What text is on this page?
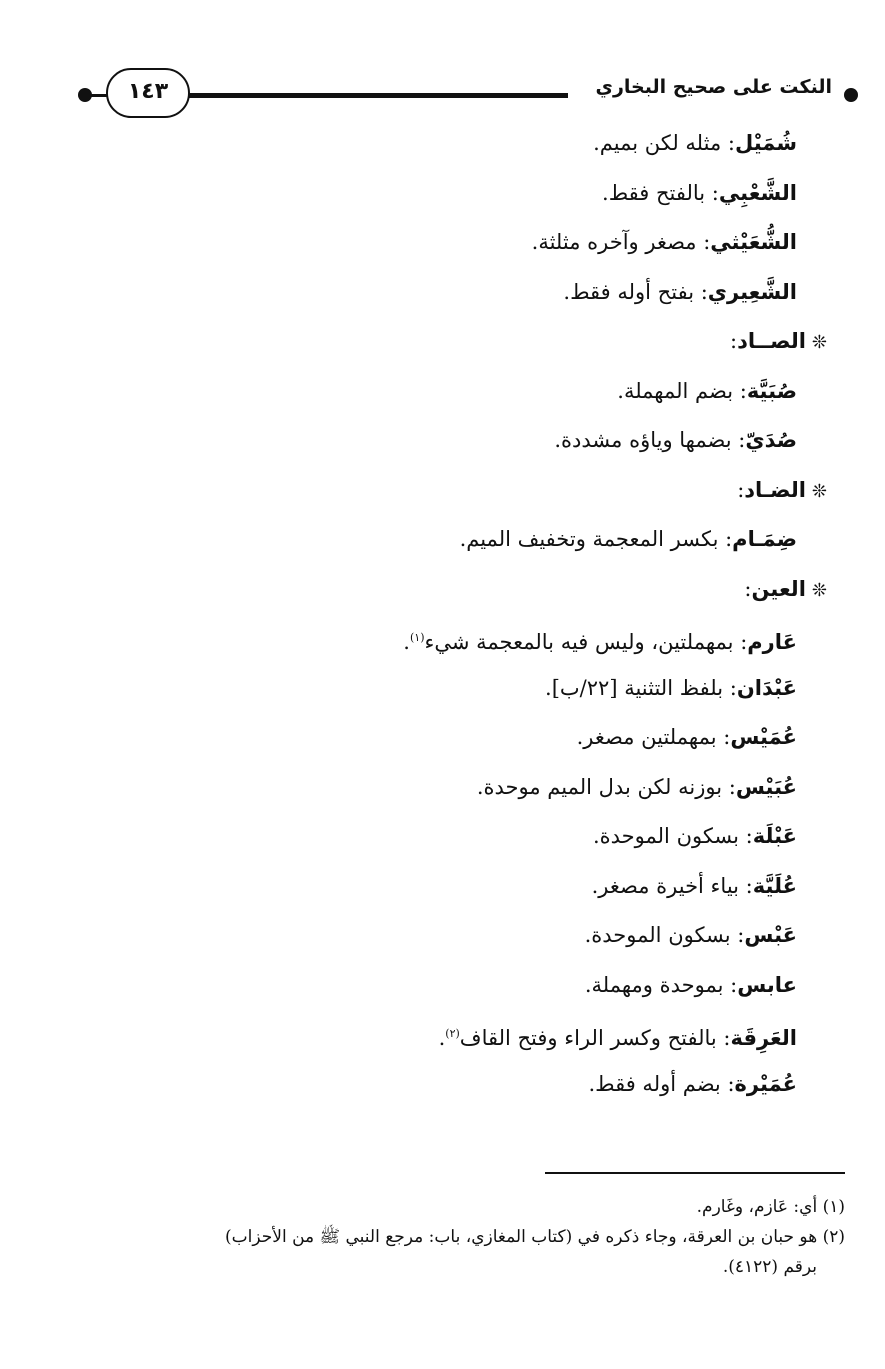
النكت على صحيح البخاري
١٤٣
شُمَيْل: مثله لكن بميم.
الشَّعْبِي: بالفتح فقط.
الشُّعَيْثي: مصغر وآخره مثلثة.
الشَّعِيري: بفتح أوله فقط.
❊الصــاد:
صُبَيَّة: بضم المهملة.
صُدَيّ: بضمها وياؤه مشددة.
❊الضـاد:
ضِمَـام: بكسر المعجمة وتخفيف الميم.
❊العين:
عَارم: بمهملتين، وليس فيه بالمعجمة شيء$^{(١)}$.
عَبْدَان: بلفظ التثنية [٢٢/ب].
عُمَيْس: بمهملتين مصغر.
عُبَيْس: بوزنه لكن بدل الميم موحدة.
عَبْلَة: بسكون الموحدة.
عُلَيَّة: بياء أخيرة مصغر.
عَبْس: بسكون الموحدة.
عابس: بموحدة ومهملة.
العَرِقَة: بالفتح وكسر الراء وفتح القاف$^{(٢)}$.
عُمَيْرة: بضم أوله فقط.
(١) أي: عَازم، وغَارم.
(٢) هو حبان بن العرقة، وجاء ذكره في (كتاب المغازي، باب: مرجع النبي ﷺ من الأحزاب)
برقم (٤١٢٢).
